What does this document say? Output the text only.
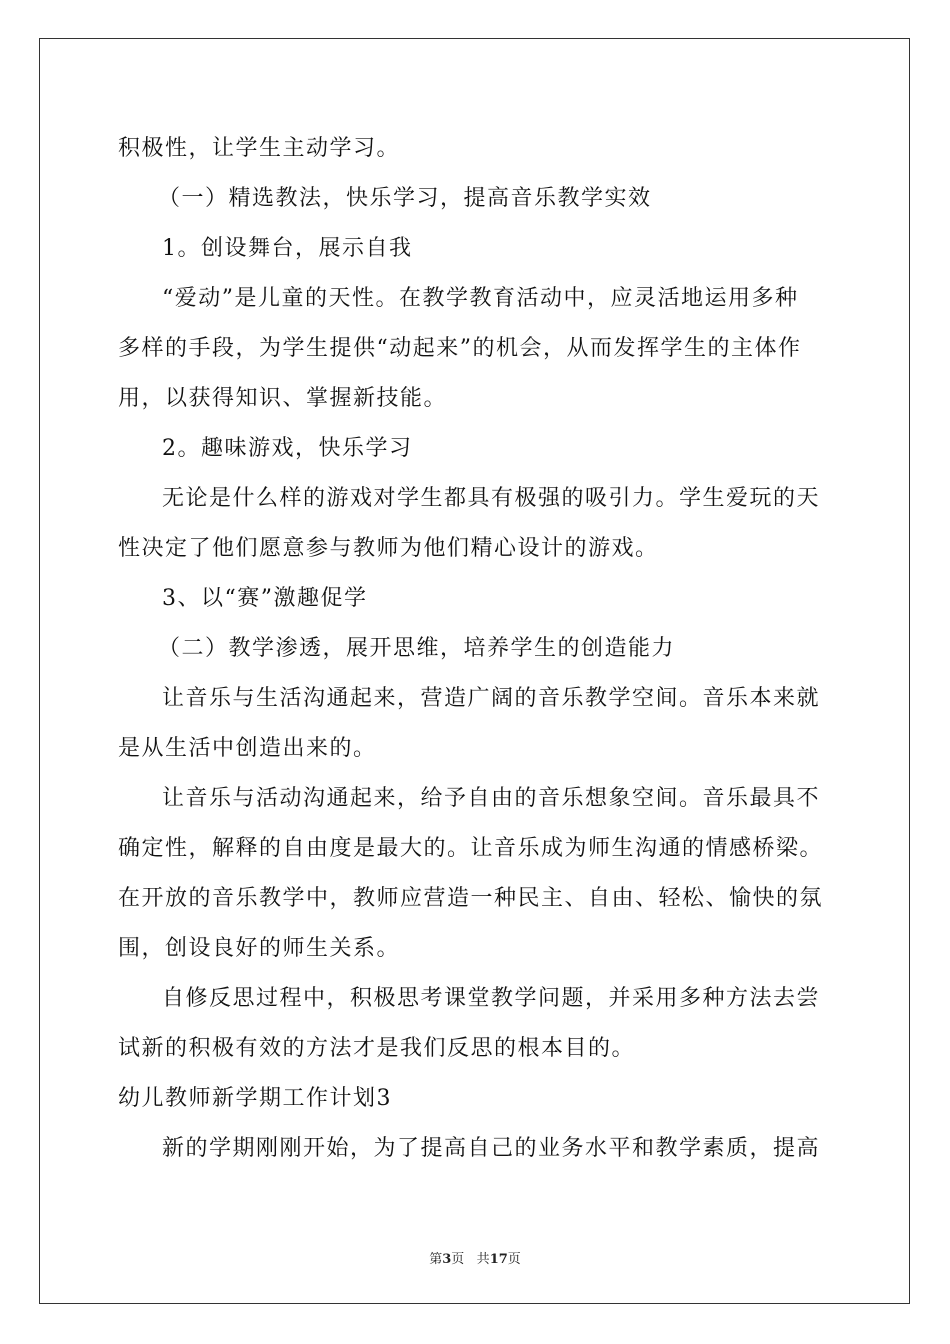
积极性，让学生主动学习。
（一）精选教法，快乐学习，提高音乐教学实效
1。创设舞台，展示自我
“爱动”是儿童的天性。在教学教育活动中，应灵活地运用多种
多样的手段，为学生提供“动起来”的机会，从而发挥学生的主体作
用，以获得知识、掌握新技能。
2。趣味游戏，快乐学习
无论是什么样的游戏对学生都具有极强的吸引力。学生爱玩的天
性决定了他们愿意参与教师为他们精心设计的游戏。
3、以“赛”激趣促学
（二）教学渗透，展开思维，培养学生的创造能力
让音乐与生活沟通起来，营造广阔的音乐教学空间。音乐本来就
是从生活中创造出来的。
让音乐与活动沟通起来，给予自由的音乐想象空间。音乐最具不
确定性，解释的自由度是最大的。让音乐成为师生沟通的情感桥梁。
在开放的音乐教学中，教师应营造一种民主、自由、轻松、愉快的氛
围，创设良好的师生关系。
自修反思过程中，积极思考课堂教学问题，并采用多种方法去尝
试新的积极有效的方法才是我们反思的根本目的。
幼儿教师新学期工作计划3
新的学期刚刚开始，为了提高自己的业务水平和教学素质，提高
第3页 共17页
